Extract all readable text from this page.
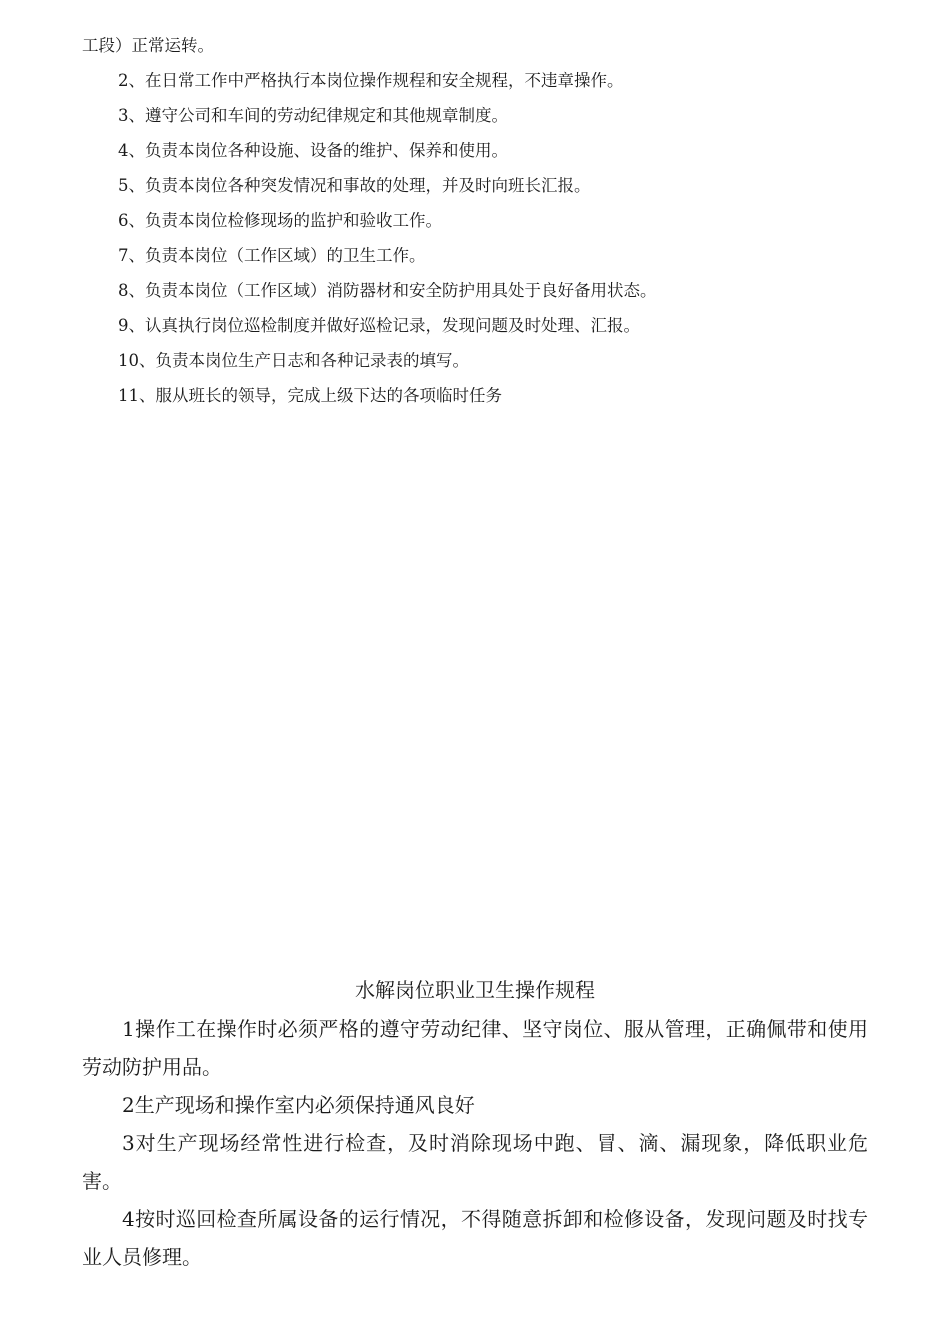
工段）正常运转。
2、在日常工作中严格执行本岗位操作规程和安全规程，不违章操作。
3、遵守公司和车间的劳动纪律规定和其他规章制度。
4、负责本岗位各种设施、设备的维护、保养和使用。
5、负责本岗位各种突发情况和事故的处理，并及时向班长汇报。
6、负责本岗位检修现场的监护和验收工作。
7、负责本岗位（工作区域）的卫生工作。
8、负责本岗位（工作区域）消防器材和安全防护用具处于良好备用状态。
9、认真执行岗位巡检制度并做好巡检记录，发现问题及时处理、汇报。
10、负责本岗位生产日志和各种记录表的填写。
11、服从班长的领导，完成上级下达的各项临时任务
水解岗位职业卫生操作规程

1操作工在操作时必须严格的遵守劳动纪律、坚守岗位、服从管理，正确佩带和使用劳动防护用品。

2生产现场和操作室内必须保持通风良好

3对生产现场经常性进行检查，及时消除现场中跑、冒、滴、漏现象，降低职业危害。

4按时巡回检查所属设备的运行情况，不得随意拆卸和检修设备，发现问题及时找专业人员修理。
